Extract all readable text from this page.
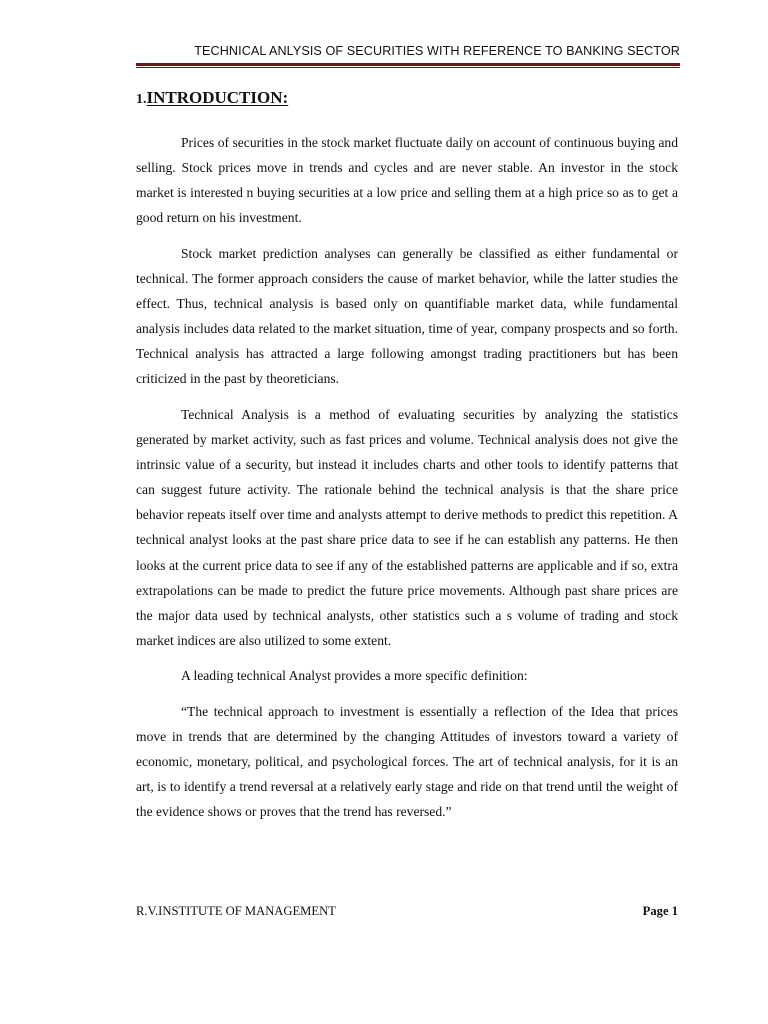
TECHNICAL ANLYSIS OF SECURITIES WITH REFERENCE TO BANKING SECTOR
1.INTRODUCTION:

Prices of securities in the stock market fluctuate daily on account of continuous buying and selling. Stock prices move in trends and cycles and are never stable. An investor in the stock market is interested n buying securities at a low price and selling them at a high price so as to get a good return on his investment.

Stock market prediction analyses can generally be classified as either fundamental or technical. The former approach considers the cause of market behavior, while the latter studies the effect. Thus, technical analysis is based only on quantifiable market data, while fundamental analysis includes data related to the market situation, time of year, company prospects and so forth. Technical analysis has attracted a large following amongst trading practitioners but has been criticized in the past by theoreticians.

Technical Analysis is a method of evaluating securities by analyzing the statistics generated by market activity, such as fast prices and volume. Technical analysis does not give the intrinsic value of a security, but instead it includes charts and other tools to identify patterns that can suggest future activity. The rationale behind the technical analysis is that the share price behavior repeats itself over time and analysts attempt to derive methods to predict this repetition. A technical analyst looks at the past share price data to see if he can establish any patterns. He then looks at the current price data to see if any of the established patterns are applicable and if so, extra extrapolations can be made to predict the future price movements. Although past share prices are the major data used by technical analysts, other statistics such a s volume of trading and stock market indices are also utilized to some extent.

A leading technical Analyst provides a more specific definition:

“The technical approach to investment is essentially a reflection of the Idea that prices move in trends that are determined by the changing Attitudes of investors toward a variety of economic, monetary, political, and psychological forces. The art of technical analysis, for it is an art, is to identify a trend reversal at a relatively early stage and ride on that trend until the weight of the evidence shows or proves that the trend has reversed.”

R.V.INSTITUTE OF MANAGEMENT	Page 1
